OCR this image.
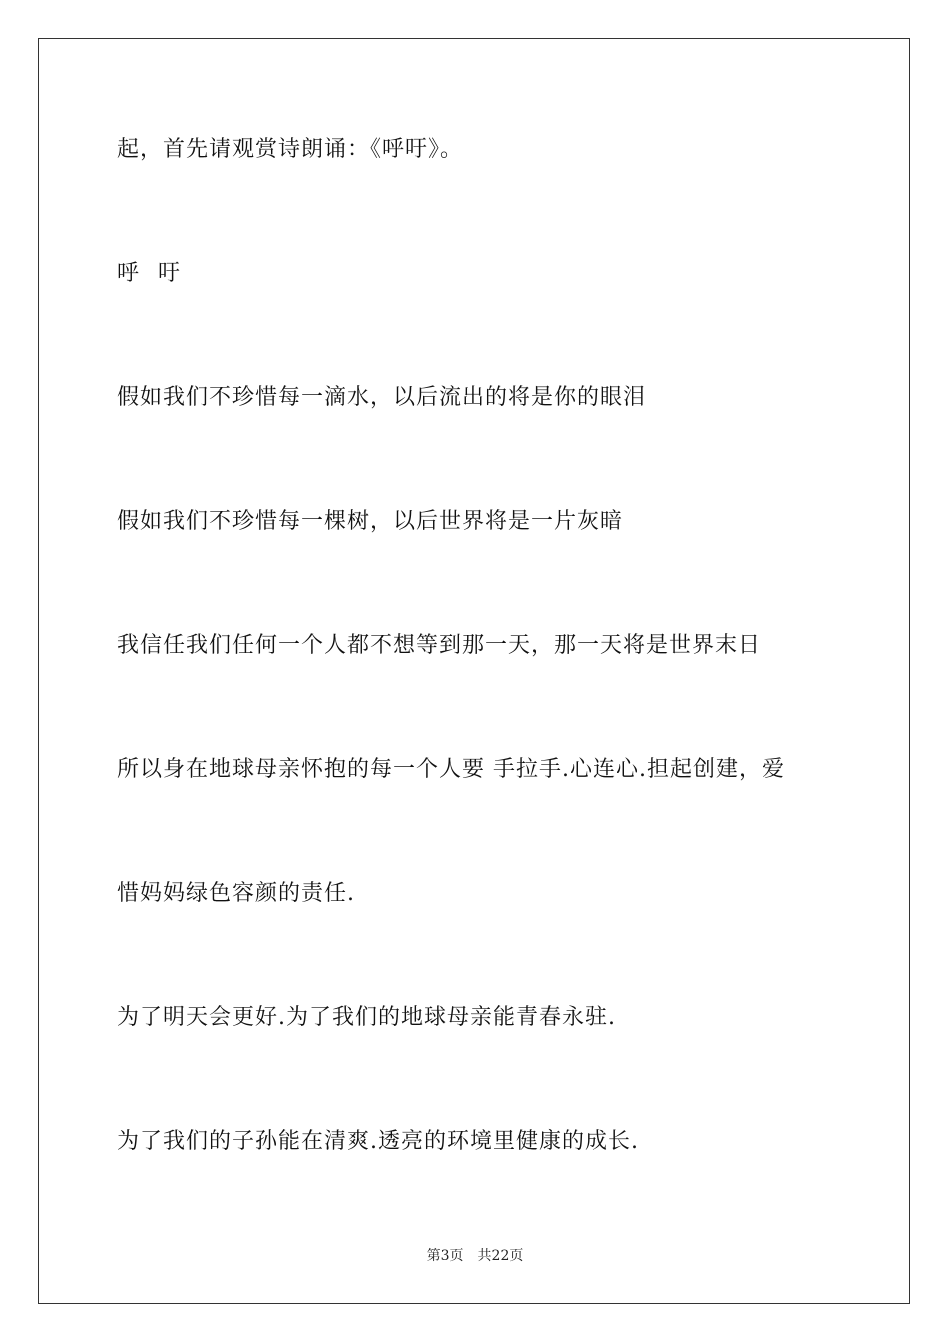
起，首先请观赏诗朗诵：《呼吁》。
呼 吁
假如我们不珍惜每一滴水，以后流出的将是你的眼泪
假如我们不珍惜每一棵树，以后世界将是一片灰暗
我信任我们任何一个人都不想等到那一天，那一天将是世界末日
所以身在地球母亲怀抱的每一个人要 手拉手.心连心.担起创建，爱
惜妈妈绿色容颜的责任.
为了明天会更好.为了我们的地球母亲能青春永驻.
为了我们的子孙能在清爽.透亮的环境里健康的成长.
第3页 共22页
